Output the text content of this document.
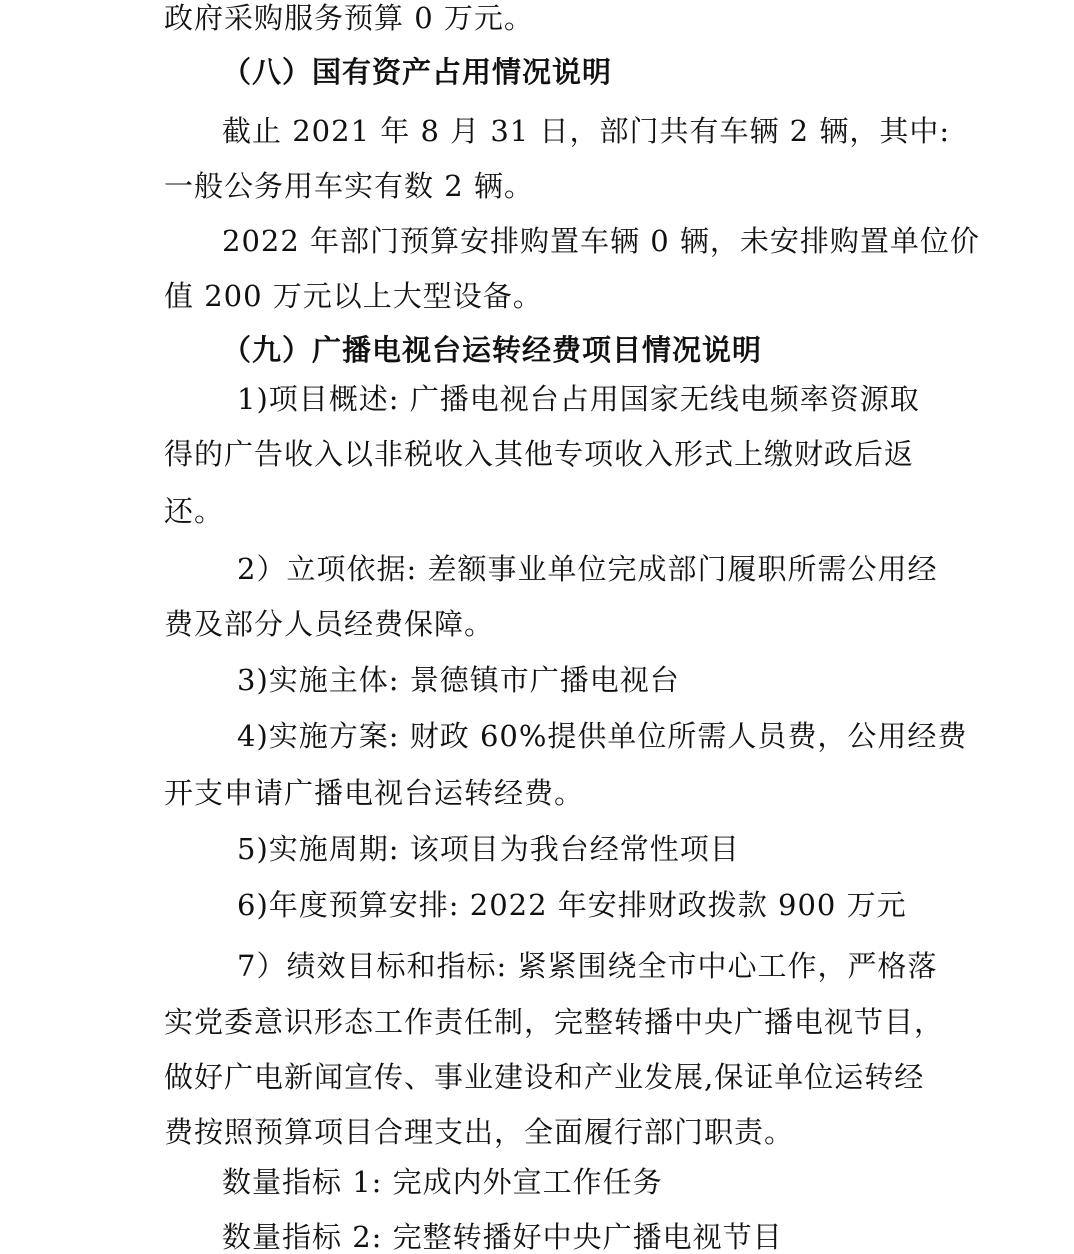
政府采购服务预算 0 万元。
（八）国有资产占用情况说明
截止 2021 年 8 月 31 日，部门共有车辆 2 辆，其中:
一般公务用车实有数 2 辆。
2022 年部门预算安排购置车辆 0 辆，未安排购置单位价
值 200 万元以上大型设备。
（九）广播电视台运转经费项目情况说明
1)项目概述: 广播电视台占用国家无线电频率资源取
得的广告收入以非税收入其他专项收入形式上缴财政后返
还。
2）立项依据: 差额事业单位完成部门履职所需公用经
费及部分人员经费保障。
3)实施主体: 景德镇市广播电视台
4)实施方案: 财政 60%提供单位所需人员费，公用经费
开支申请广播电视台运转经费。
5)实施周期: 该项目为我台经常性项目
6)年度预算安排: 2022 年安排财政拨款 900 万元
7）绩效目标和指标: 紧紧围绕全市中心工作，严格落
实党委意识形态工作责任制，完整转播中央广播电视节目，
做好广电新闻宣传、事业建设和产业发展,保证单位运转经
费按照预算项目合理支出，全面履行部门职责。
数量指标 1: 完成内外宣工作任务
数量指标 2: 完整转播好中央广播电视节目
